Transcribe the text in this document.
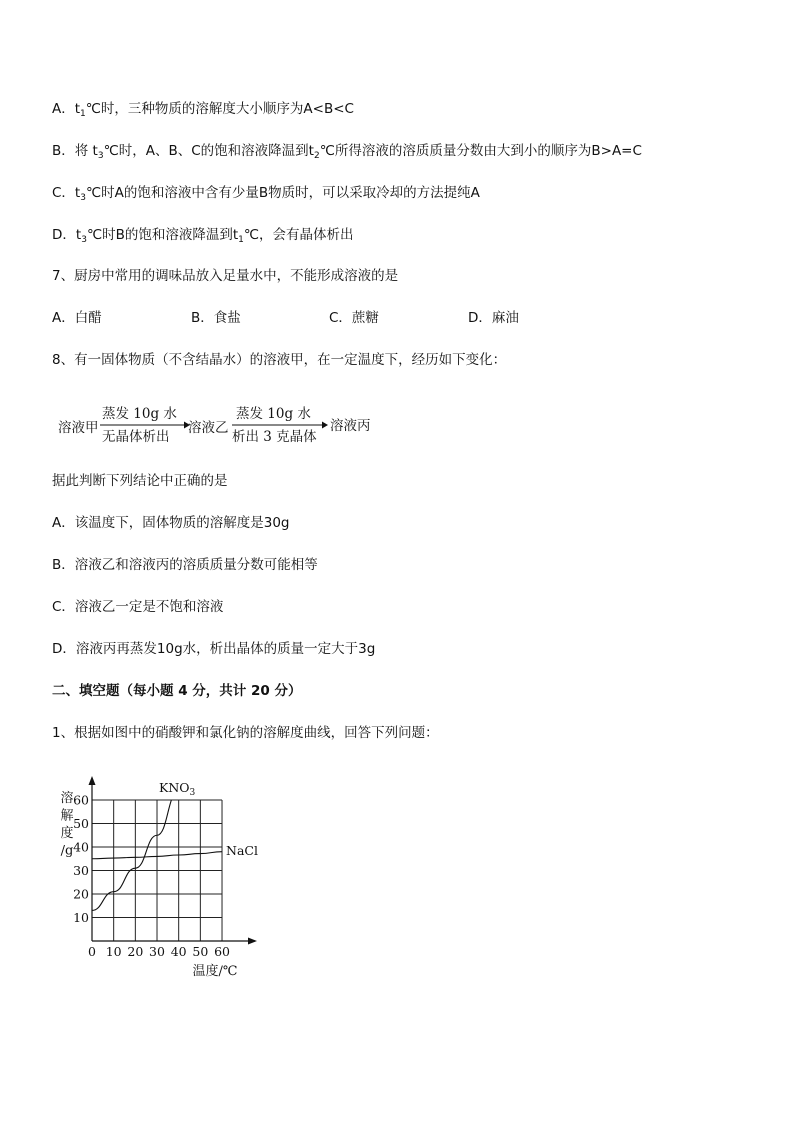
A．$t_1℃$时，三种物质的溶解度大小顺序为A<B<C
B．将 $t_3℃$时，A、B、C的饱和溶液降温到$t_2℃$所得溶液的溶质质量分数由大到小的顺序为B>A=C
C．$t_3℃$时A的饱和溶液中含有少量B物质时，可以采取冷却的方法提纯A
D．$t_3℃$时B的饱和溶液降温到$t_1℃$，会有晶体析出
7、厨房中常用的调味品放入足量水中，不能形成溶液的是
A．白醋	B．食盐	C．蔗糖	D．麻油
8、有一固体物质（不含结晶水）的溶液甲，在一定温度下，经历如下变化：
溶液甲
蒸发 10g 水
无晶体析出
溶液乙
蒸发 10g 水
析出 3 克晶体
溶液丙
据此判断下列结论中正确的是
A．该温度下，固体物质的溶解度是30g
B．溶液乙和溶液丙的溶质质量分数可能相等
C．溶液乙一定是不饱和溶液
D．溶液丙再蒸发10g水，析出晶体的质量一定大于3g
二、填空题（每小题 4 分，共计 20 分）
1、根据如图中的硝酸钾和氯化钠的溶解度曲线，回答下列问题：
0 10 20 30 40 50 60
10
20
30
40
50
60
溶
解
度
/g
温度/℃
$KNO_3$
NaCl
